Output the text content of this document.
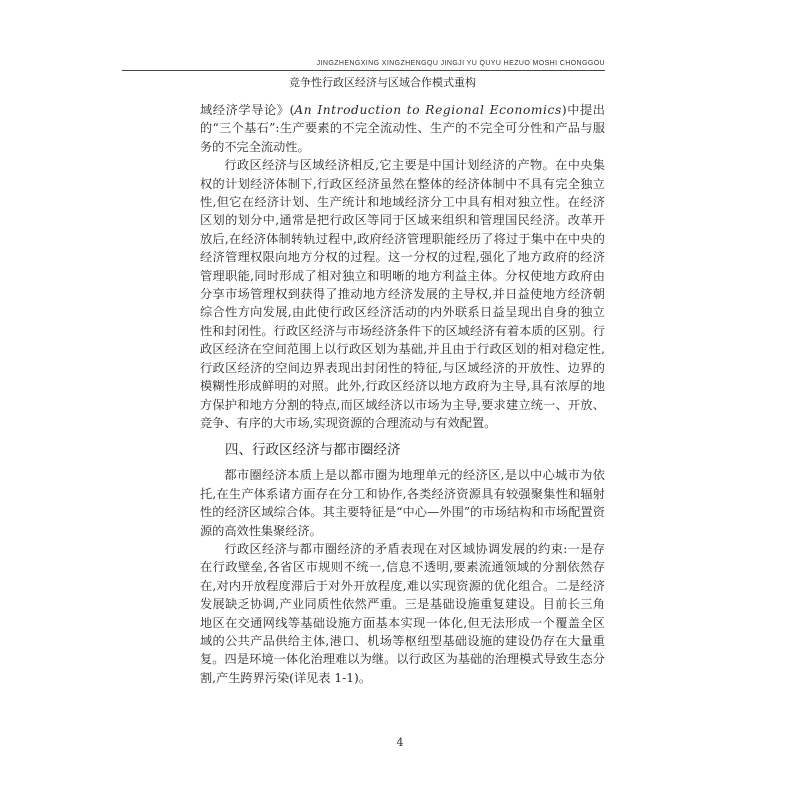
JINGZHENGXING XINGZHENGQU JINGJI YU QUYU HEZUO MOSHI CHONGGOU
竞争性行政区经济与区域合作模式重构

域经济学导论》(An Introduction to Regional Economics)中提出的“三个基石”:生产要素的不完全流动性、生产的不完全可分性和产品与服务的不完全流动性。

行政区经济与区域经济相反,它主要是中国计划经济的产物。在中央集权的计划经济体制下,行政区经济虽然在整体的经济体制中不具有完全独立性,但它在经济计划、生产统计和地域经济分工中具有相对独立性。在经济区划的划分中,通常是把行政区等同于区域来组织和管理国民经济。改革开放后,在经济体制转轨过程中,政府经济管理职能经历了将过于集中在中央的经济管理权限向地方分权的过程。这一分权的过程,强化了地方政府的经济管理职能,同时形成了相对独立和明晰的地方利益主体。分权使地方政府由分享市场管理权到获得了推动地方经济发展的主导权,并日益使地方经济朝综合性方向发展,由此使行政区经济活动的内外联系日益呈现出自身的独立性和封闭性。行政区经济与市场经济条件下的区域经济有着本质的区别。行政区经济在空间范围上以行政区划为基础,并且由于行政区划的相对稳定性,行政区经济的空间边界表现出封闭性的特征,与区域经济的开放性、边界的模糊性形成鲜明的对照。此外,行政区经济以地方政府为主导,具有浓厚的地方保护和地方分割的特点,而区域经济以市场为主导,要求建立统一、开放、竞争、有序的大市场,实现资源的合理流动与有效配置。

四、行政区经济与都市圈经济

都市圈经济本质上是以都市圈为地理单元的经济区,是以中心城市为依托,在生产体系诸方面存在分工和协作,各类经济资源具有较强聚集性和辐射性的经济区域综合体。其主要特征是“中心—外围”的市场结构和市场配置资源的高效性集聚经济。

行政区经济与都市圈经济的矛盾表现在对区域协调发展的约束:一是存在行政壁垒,各省区市规则不统一,信息不透明,要素流通领域的分割依然存在,对内开放程度滞后于对外开放程度,难以实现资源的优化组合。二是经济发展缺乏协调,产业同质性依然严重。三是基础设施重复建设。目前长三角地区在交通网线等基础设施方面基本实现一体化,但无法形成一个覆盖全区域的公共产品供给主体,港口、机场等枢纽型基础设施的建设仍存在大量重复。四是环境一体化治理难以为继。以行政区为基础的治理模式导致生态分割,产生跨界污染(详见表 1-1)。

4
